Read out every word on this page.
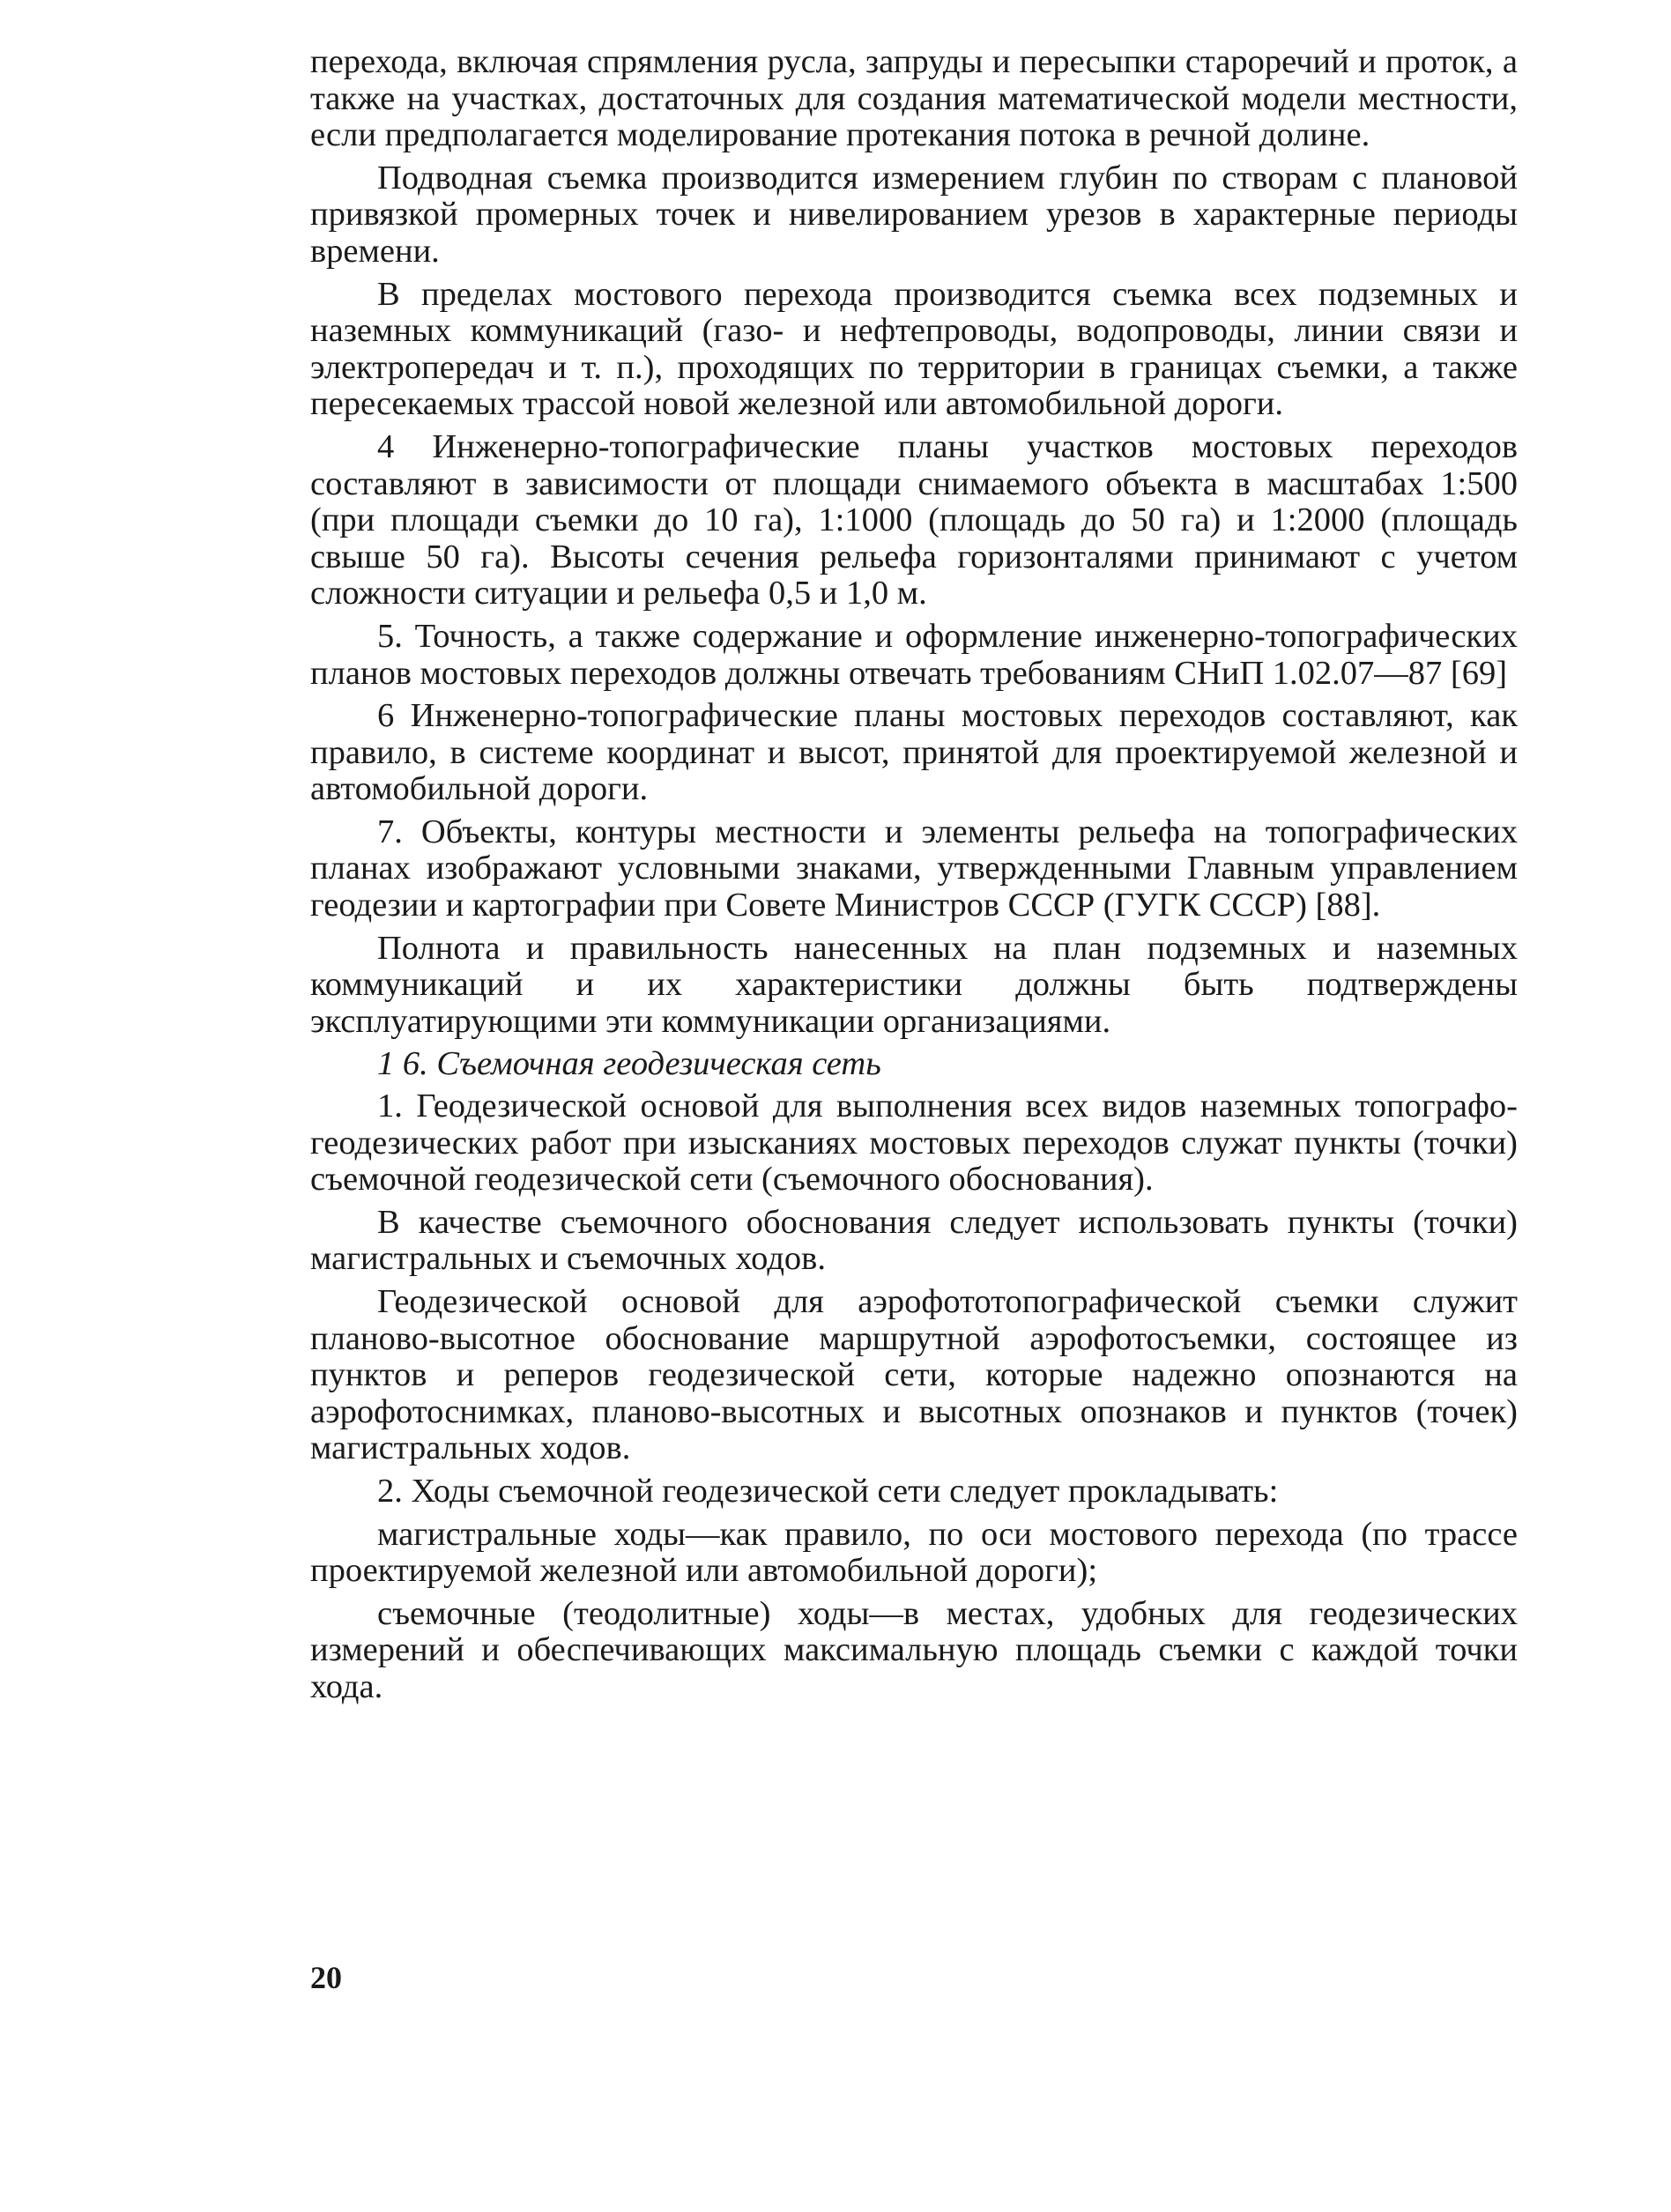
перехода, включая спрямления русла, запруды и пересыпки староречий и проток, а также на участках, достаточных для создания математической модели местности, если предполагается моделирование протекания потока в речной долине.

Подводная съемка производится измерением глубин по створам с плановой привязкой промерных точек и нивелированием урезов в характерные периоды времени.

В пределах мостового перехода производится съемка всех подземных и наземных коммуникаций (газо- и нефтепроводы, водопроводы, линии связи и электропередач и т. п.), проходящих по территории в границах съемки, а также пересекаемых трассой новой железной или автомобильной дороги.

4 Инженерно-топографические планы участков мостовых переходов составляют в зависимости от площади снимаемого объекта в масштабах 1:500 (при площади съемки до 10 га), 1:1000 (площадь до 50 га) и 1:2000 (площадь свыше 50 га). Высоты сечения рельефа горизонталями принимают с учетом сложности ситуации и рельефа 0,5 и 1,0 м.

5. Точность, а также содержание и оформление инженерно-топографических планов мостовых переходов должны отвечать требованиям СНиП 1.02.07—87 [69]

6 Инженерно-топографические планы мостовых переходов составляют, как правило, в системе координат и высот, принятой для проектируемой железной и автомобильной дороги.

7. Объекты, контуры местности и элементы рельефа на топографических планах изображают условными знаками, утвержденными Главным управлением геодезии и картографии при Совете Министров СССР (ГУГК СССР) [88].

Полнота и правильность нанесенных на план подземных и наземных коммуникаций и их характеристики должны быть подтверждены эксплуатирующими эти коммуникации организациями.

1 6. Съемочная геодезическая сеть

1. Геодезической основой для выполнения всех видов наземных топографо-геодезических работ при изысканиях мостовых переходов служат пункты (точки) съемочной геодезической сети (съемочного обоснования).

В качестве съемочного обоснования следует использовать пункты (точки) магистральных и съемочных ходов.

Геодезической основой для аэрофототопографической съемки служит планово-высотное обоснование маршрутной аэрофотосъемки, состоящее из пунктов и реперов геодезической сети, которые надежно опознаются на аэрофотоснимках, планово-высотных и высотных опознаков и пунктов (точек) магистральных ходов.

2. Ходы съемочной геодезической сети следует прокладывать:

магистральные ходы—как правило, по оси мостового перехода (по трассе проектируемой железной или автомобильной дороги);

съемочные (теодолитные) ходы—в местах, удобных для геодезических измерений и обеспечивающих максимальную площадь съемки с каждой точки хода.

20
